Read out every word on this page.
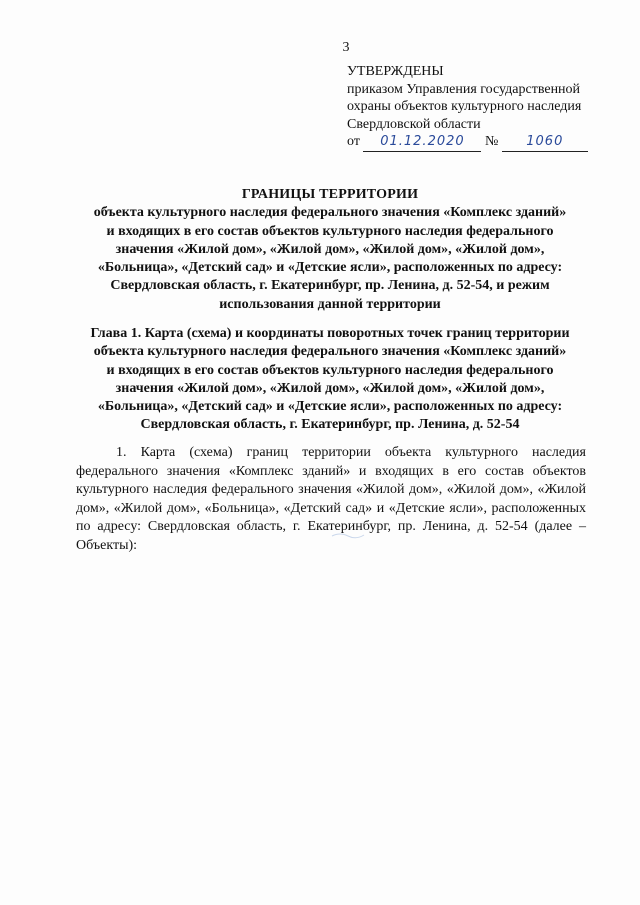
3
УТВЕРЖДЕНЫ
приказом Управления государственной
охраны объектов культурного наследия
Свердловской области
от 01.12.2020 № 1060
ГРАНИЦЫ ТЕРРИТОРИИ
объекта культурного наследия федерального значения «Комплекс зданий»
и входящих в его состав объектов культурного наследия федерального
значения «Жилой дом», «Жилой дом», «Жилой дом», «Жилой дом»,
«Больница», «Детский сад» и «Детские ясли», расположенных по адресу:
Свердловская область, г. Екатеринбург, пр. Ленина, д. 52-54, и режим
использования данной территории
Глава 1. Карта (схема) и координаты поворотных точек границ территории
объекта культурного наследия федерального значения «Комплекс зданий»
и входящих в его состав объектов культурного наследия федерального
значения «Жилой дом», «Жилой дом», «Жилой дом», «Жилой дом»,
«Больница», «Детский сад» и «Детские ясли», расположенных по адресу:
Свердловская область, г. Екатеринбург, пр. Ленина, д. 52-54
1. Карта (схема) границ территории объекта культурного наследия федерального значения «Комплекс зданий» и входящих в его состав объектов культурного наследия федерального значения «Жилой дом», «Жилой дом», «Жилой дом», «Жилой дом», «Больница», «Детский сад» и «Детские ясли», расположенных по адресу: Свердловская область, г. Екатеринбург, пр. Ленина, д. 52-54 (далее – Объекты):
